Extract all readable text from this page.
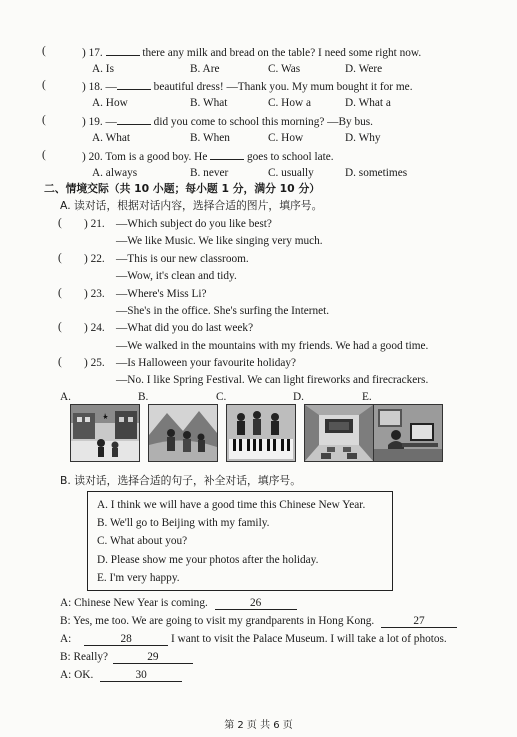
(	) 17.	there any milk and bread on the table? I need some right now.
A. Is	B. Are	C. Was	D. Were
(	) 18. —	beautiful dress! —Thank you. My mum bought it for me.
A. How	B. What	C. How a	D. What a
(	) 19. —	did you come to school this morning? —By bus.
A. What	B. When	C. How	D. Why
(	) 20. Tom is a good boy. He	goes to school late.
A. always	B. never	C. usually	D. sometimes
二、情境交际（共 10 小题；每小题 1 分，满分 10 分）
A. 读对话，根据对话内容，选择合适的图片，填序号。
( ) 21. —Which subject do you like best?
—We like Music. We like singing very much.
( ) 22. —This is our new classroom.
—Wow, it's clean and tidy.
( ) 23. —Where's Miss Li?
—She's in the office. She's surfing the Internet.
( ) 24. —What did you do last week?
—We walked in the mountains with my friends. We had a good time.
( ) 25. —Is Halloween your favourite holiday?
—No. I like Spring Festival. We can light fireworks and firecrackers.
A.	B.	C.	D.	E.
B. 读对话，选择合适的句子，补全对话，填序号。
A. I think we will have a good time this Chinese New Year.
B. We'll go to Beijing with my family.
C. What about you?
D. Please show me your photos after the holiday.
E. I'm very happy.
A: Chinese New Year is coming.	26
B: Yes, me too. We are going to visit my grandparents in Hong Kong.	27
A:	28	I want to visit the Palace Museum. I will take a lot of photos.
B: Really?	29
A: OK.	30
第 2 页 共 6 页
